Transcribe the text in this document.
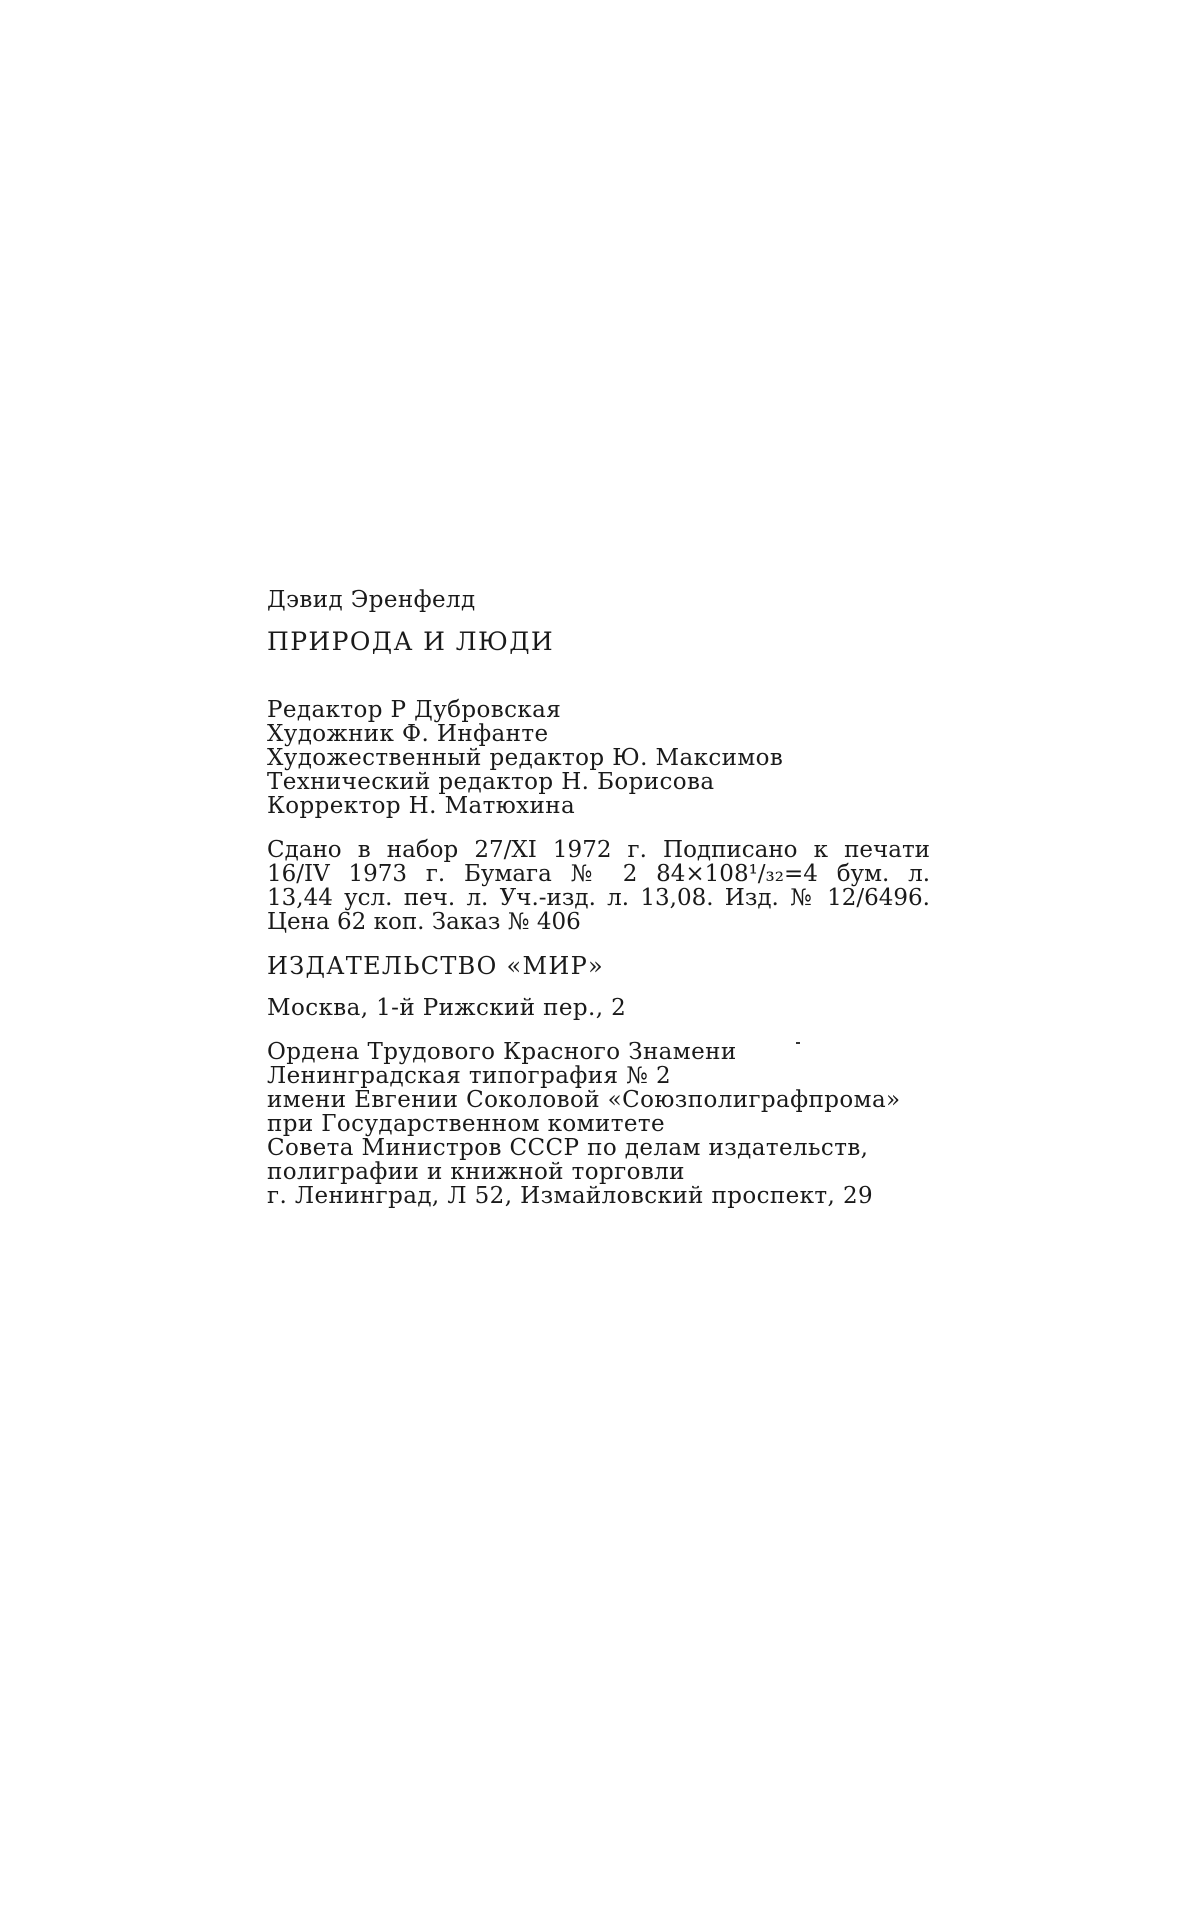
Дэвид Эренфелд
ПРИРОДА И ЛЮДИ
Редактор Р Дубровская
Художник Ф. Инфанте
Художественный редактор Ю. Максимов
Технический редактор Н. Борисова
Корректор Н. Матюхина
Сдано в набор 27/XI 1972 г. Подписано к печати
16/IV 1973 г. Бумага № 2 84×108¹/₃₂=4 бум. л.
13,44 усл. печ. л. Уч.-изд. л. 13,08. Изд. № 12/6496.
Цена 62 коп. Заказ № 406
ИЗДАТЕЛЬСТВО «МИР»
Москва, 1-й Рижский пер., 2
Ордена Трудового Красного Знамени
Ленинградская типография № 2
имени Евгении Соколовой «Союзполиграфпрома»
при Государственном комитете
Совета Министров СССР по делам издательств,
полиграфии и книжной торговли
г. Ленинград, Л 52, Измайловский проспект, 29
